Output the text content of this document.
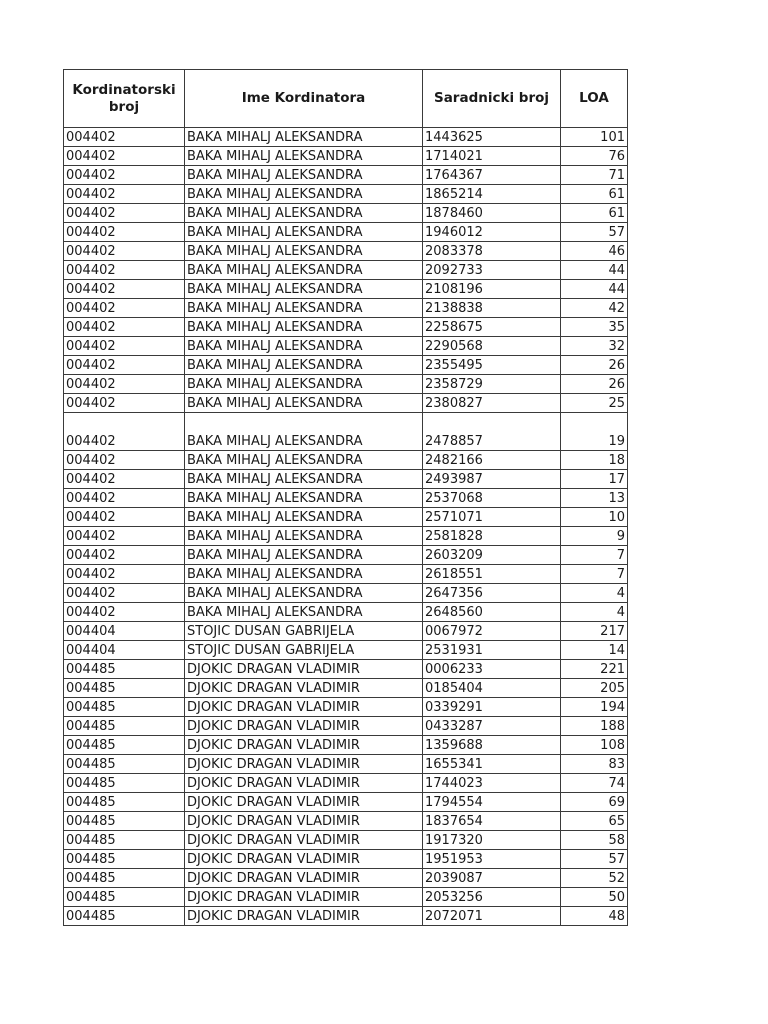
Kordinatorski broj	Ime Kordinatora	Saradnicki broj	LOA
004402	BAKA MIHALJ ALEKSANDRA	1443625	101
004402	BAKA MIHALJ ALEKSANDRA	1714021	76
004402	BAKA MIHALJ ALEKSANDRA	1764367	71
004402	BAKA MIHALJ ALEKSANDRA	1865214	61
004402	BAKA MIHALJ ALEKSANDRA	1878460	61
004402	BAKA MIHALJ ALEKSANDRA	1946012	57
004402	BAKA MIHALJ ALEKSANDRA	2083378	46
004402	BAKA MIHALJ ALEKSANDRA	2092733	44
004402	BAKA MIHALJ ALEKSANDRA	2108196	44
004402	BAKA MIHALJ ALEKSANDRA	2138838	42
004402	BAKA MIHALJ ALEKSANDRA	2258675	35
004402	BAKA MIHALJ ALEKSANDRA	2290568	32
004402	BAKA MIHALJ ALEKSANDRA	2355495	26
004402	BAKA MIHALJ ALEKSANDRA	2358729	26
004402	BAKA MIHALJ ALEKSANDRA	2380827	25
004402	BAKA MIHALJ ALEKSANDRA	2478857	19
004402	BAKA MIHALJ ALEKSANDRA	2482166	18
004402	BAKA MIHALJ ALEKSANDRA	2493987	17
004402	BAKA MIHALJ ALEKSANDRA	2537068	13
004402	BAKA MIHALJ ALEKSANDRA	2571071	10
004402	BAKA MIHALJ ALEKSANDRA	2581828	9
004402	BAKA MIHALJ ALEKSANDRA	2603209	7
004402	BAKA MIHALJ ALEKSANDRA	2618551	7
004402	BAKA MIHALJ ALEKSANDRA	2647356	4
004402	BAKA MIHALJ ALEKSANDRA	2648560	4
004404	STOJIC DUSAN GABRIJELA	0067972	217
004404	STOJIC DUSAN GABRIJELA	2531931	14
004485	DJOKIC DRAGAN VLADIMIR	0006233	221
004485	DJOKIC DRAGAN VLADIMIR	0185404	205
004485	DJOKIC DRAGAN VLADIMIR	0339291	194
004485	DJOKIC DRAGAN VLADIMIR	0433287	188
004485	DJOKIC DRAGAN VLADIMIR	1359688	108
004485	DJOKIC DRAGAN VLADIMIR	1655341	83
004485	DJOKIC DRAGAN VLADIMIR	1744023	74
004485	DJOKIC DRAGAN VLADIMIR	1794554	69
004485	DJOKIC DRAGAN VLADIMIR	1837654	65
004485	DJOKIC DRAGAN VLADIMIR	1917320	58
004485	DJOKIC DRAGAN VLADIMIR	1951953	57
004485	DJOKIC DRAGAN VLADIMIR	2039087	52
004485	DJOKIC DRAGAN VLADIMIR	2053256	50
004485	DJOKIC DRAGAN VLADIMIR	2072071	48
